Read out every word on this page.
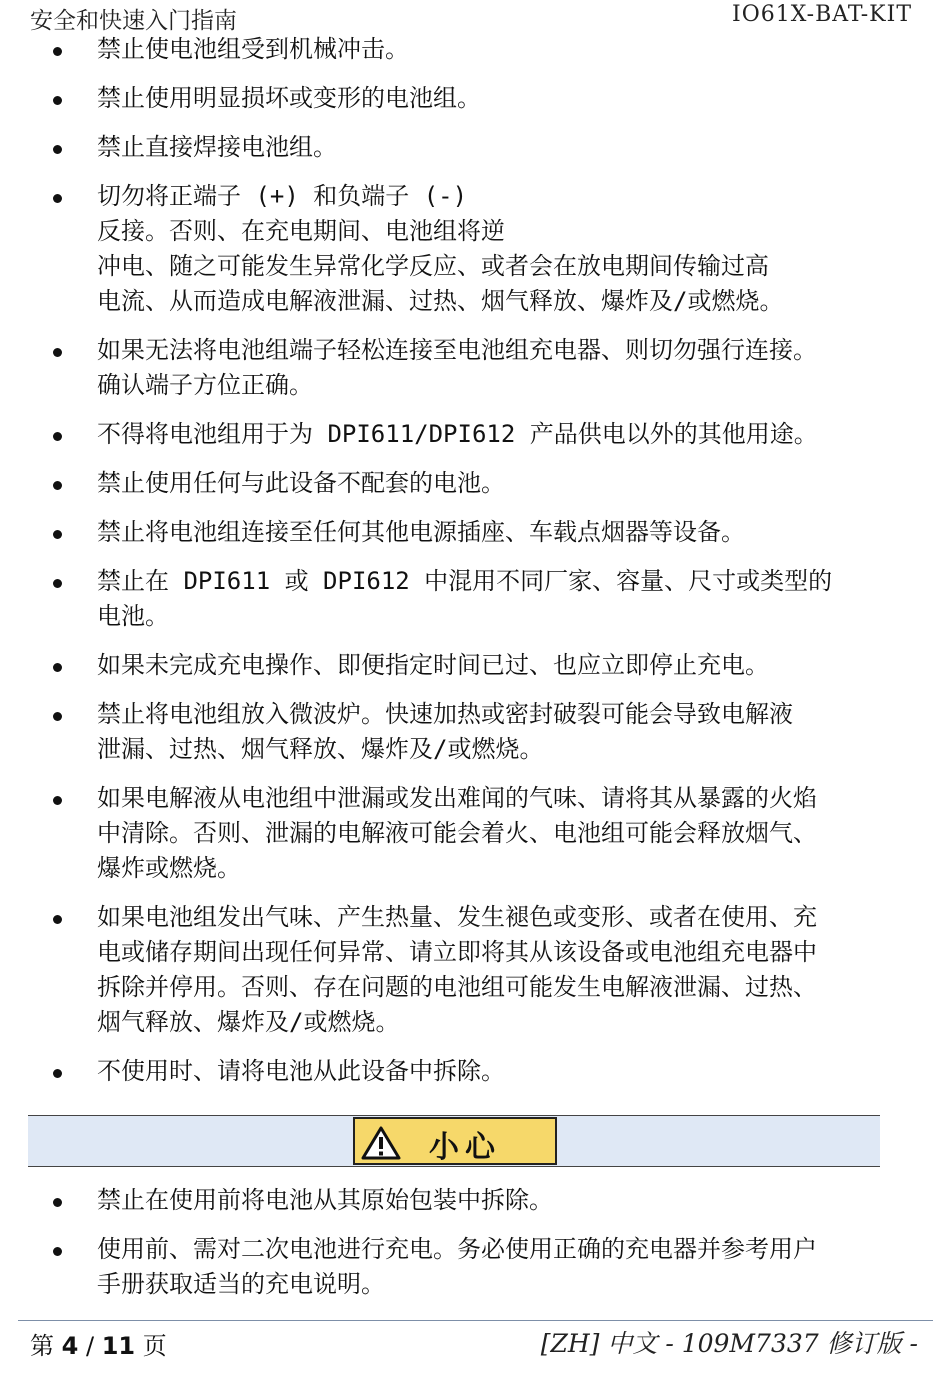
安全和快速入门指南	IO61X-BAT-KIT
禁止使电池组受到机械冲击。
禁止使用明显损坏或变形的电池组。
禁止直接焊接电池组。
切勿将正端子 (+) 和负端子 (-)
反接。否则、在充电期间、电池组将逆
冲电、随之可能发生异常化学反应、或者会在放电期间传输过高
电流、从而造成电解液泄漏、过热、烟气释放、爆炸及/或燃烧。
如果无法将电池组端子轻松连接至电池组充电器、则切勿强行连接。
确认端子方位正确。
不得将电池组用于为 DPI611/DPI612 产品供电以外的其他用途。
禁止使用任何与此设备不配套的电池。
禁止将电池组连接至任何其他电源插座、车载点烟器等设备。
禁止在 DPI611 或 DPI612 中混用不同厂家、容量、尺寸或类型的
电池。
如果未完成充电操作、即便指定时间已过、也应立即停止充电。
禁止将电池组放入微波炉。快速加热或密封破裂可能会导致电解液
泄漏、过热、烟气释放、爆炸及/或燃烧。
如果电解液从电池组中泄漏或发出难闻的气味、请将其从暴露的火焰
中清除。否则、泄漏的电解液可能会着火、电池组可能会释放烟气、
爆炸或燃烧。
如果电池组发出气味、产生热量、发生褪色或变形、或者在使用、充
电或储存期间出现任何异常、请立即将其从该设备或电池组充电器中
拆除并停用。否则、存在问题的电池组可能发生电解液泄漏、过热、
烟气释放、爆炸及/或燃烧。
不使用时、请将电池从此设备中拆除。
小心
禁止在使用前将电池从其原始包装中拆除。
使用前、需对二次电池进行充电。务必使用正确的充电器并参考用户
手册获取适当的充电说明。
第 4 / 11 页	[ZH] 中文 - 109M7337 修订版 -
